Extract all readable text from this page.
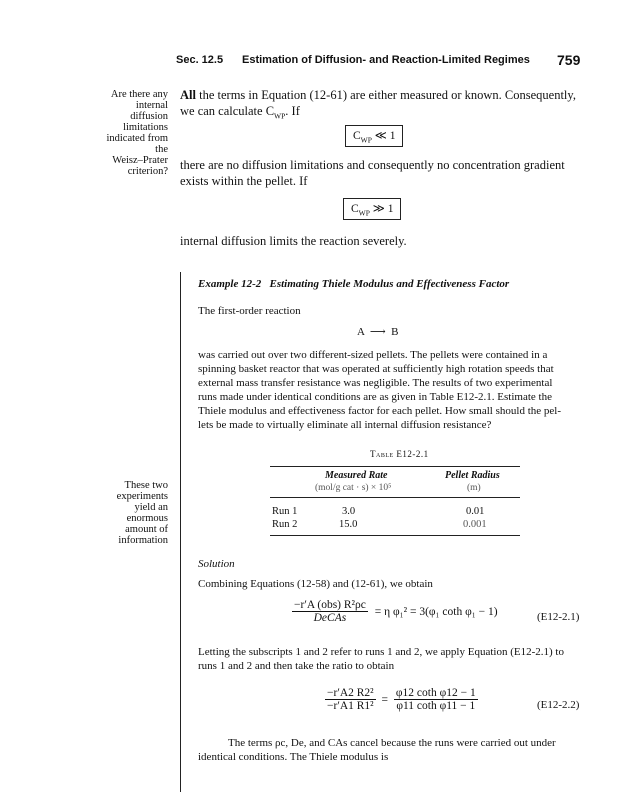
Sec. 12.5 Estimation of Diffusion- and Reaction-Limited Regimes 759
Are there any
internal diffusion
limitations
indicated from the
Weisz–Prater
criterion?
All the terms in Equation (12-61) are either measured or known. Consequently,
we can calculate $C_{WP}$. If
$C_{WP}$ ≪ 1
there are no diffusion limitations and consequently no concentration gradient
exists within the pellet. If
$C_{WP}$ ≫ 1
internal diffusion limits the reaction severely.
Example 12-2 Estimating Thiele Modulus and Effectiveness Factor
The first-order reaction
A ⟶ B
was carried out over two different-sized pellets. The pellets were contained in a
spinning basket reactor that was operated at sufficiently high rotation speeds that
external mass transfer resistance was negligible. The results of two experimental
runs made under identical conditions are as given in Table E12-2.1. Estimate the
Thiele modulus and effectiveness factor for each pellet. How small should the pel-
lets be made to virtually eliminate all internal diffusion resistance?
These two
experiments yield an
enormous amount of
information
Table E12-2.1
Measured Rate	Pellet Radius
(mol/g cat · s) × 10⁵	(m)
Run 1	3.0	0.01
Run 2	15.0	0.001
Solution
Combining Equations (12-58) and (12-61), we obtain
$\frac{\text{−r′A (obs) R²ρc}}{\text{DeCAs}} = \eta$ φ₁² = 3(φ₁ coth φ₁ − 1)	(E12-2.1)
Letting the subscripts 1 and 2 refer to runs 1 and 2, we apply Equation (E12-2.1) to
runs 1 and 2 and then take the ratio to obtain
$\frac{\text{−r′A2 R2²}}{\text{−r′A1 R1²}} = \frac{\text{φ12 coth φ12 − 1}}{\text{φ11 coth φ11 − 1}}$	(E12-2.2)
The terms ρc, De, and CAs cancel because the runs were carried out under
identical conditions. The Thiele modulus is
